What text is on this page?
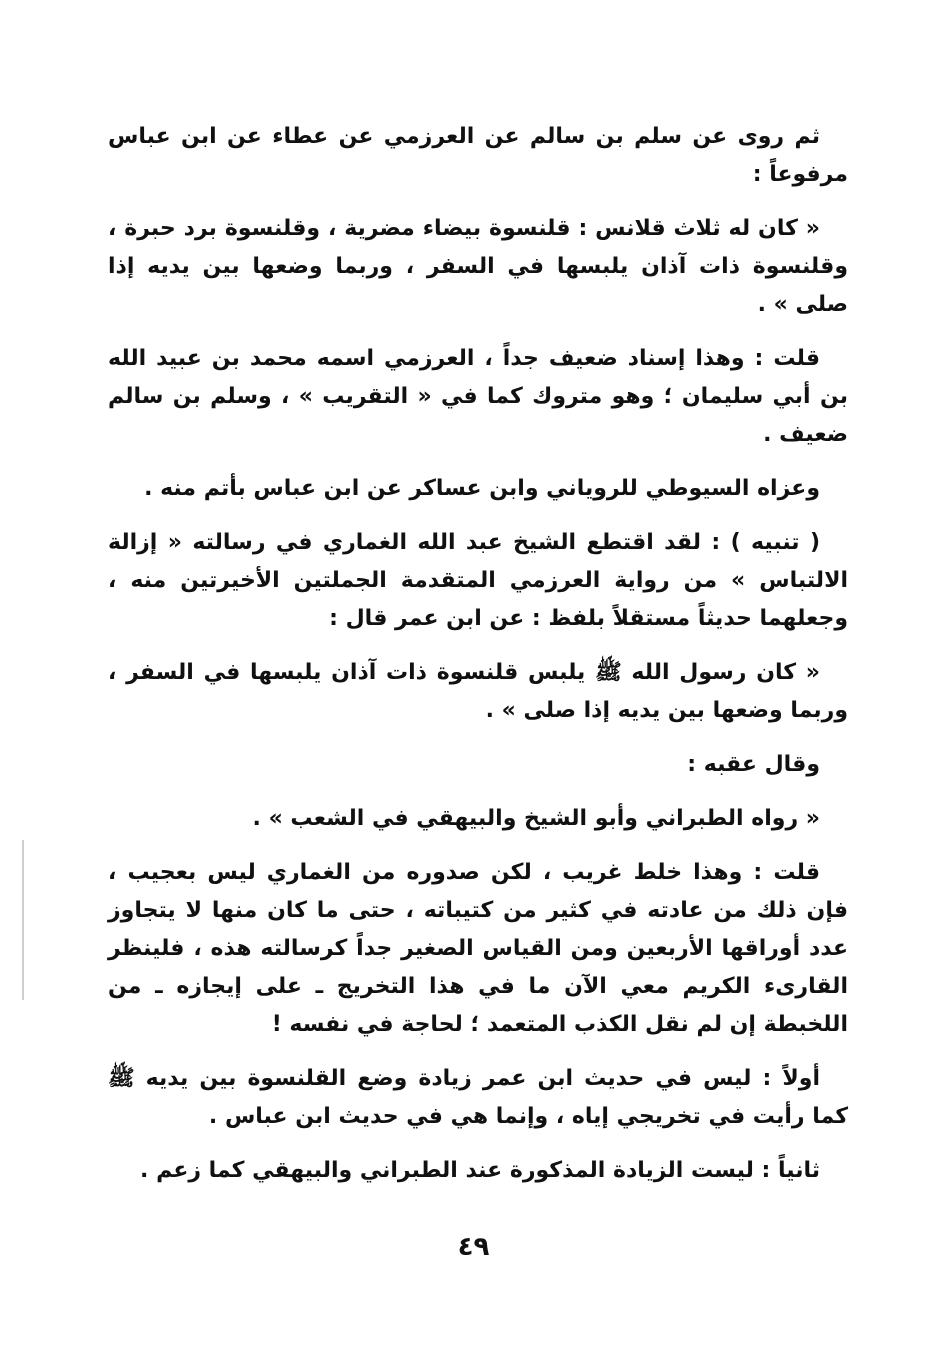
ثم روى عن سلم بن سالم عن العرزمي عن عطاء عن ابن عباس مرفوعاً :

« كان له ثلاث قلانس : قلنسوة بيضاء مضرية ، وقلنسوة برد حبرة ، وقلنسوة ذات آذان يلبسها في السفر ، وربما وضعها بين يديه إذا صلى » .

قلت : وهذا إسناد ضعيف جداً ، العرزمي اسمه محمد بن عبيد الله بن أبي سليمان ؛ وهو متروك كما في « التقريب » ، وسلم بن سالم ضعيف .

وعزاه السيوطي للروياني وابن عساكر عن ابن عباس بأتم منه .

( تنبيه ) : لقد اقتطع الشيخ عبد الله الغماري في رسالته « إزالة الالتباس » من رواية العرزمي المتقدمة الجملتين الأخيرتين منه ، وجعلهما حديثاً مستقلاً بلفظ : عن ابن عمر قال :

« كان رسول الله ﷺ يلبس قلنسوة ذات آذان يلبسها في السفر ، وربما وضعها بين يديه إذا صلى » .

وقال عقبه :

« رواه الطبراني وأبو الشيخ والبيهقي في الشعب » .

قلت : وهذا خلط غريب ، لكن صدوره من الغماري ليس بعجيب ، فإن ذلك من عادته في كثير من كتيباته ، حتى ما كان منها لا يتجاوز عدد أوراقها الأربعين ومن القياس الصغير جداً كرسالته هذه ، فلينظر القارىء الكريم معي الآن ما في هذا التخريج ـ على إيجازه ـ من اللخبطة إن لم نقل الكذب المتعمد ؛ لحاجة في نفسه !

أولاً : ليس في حديث ابن عمر زيادة وضع القلنسوة بين يديه ﷺ كما رأيت في تخريجي إياه ، وإنما هي في حديث ابن عباس .

ثانياً : ليست الزيادة المذكورة عند الطبراني والبيهقي كما زعم .

٤٩
